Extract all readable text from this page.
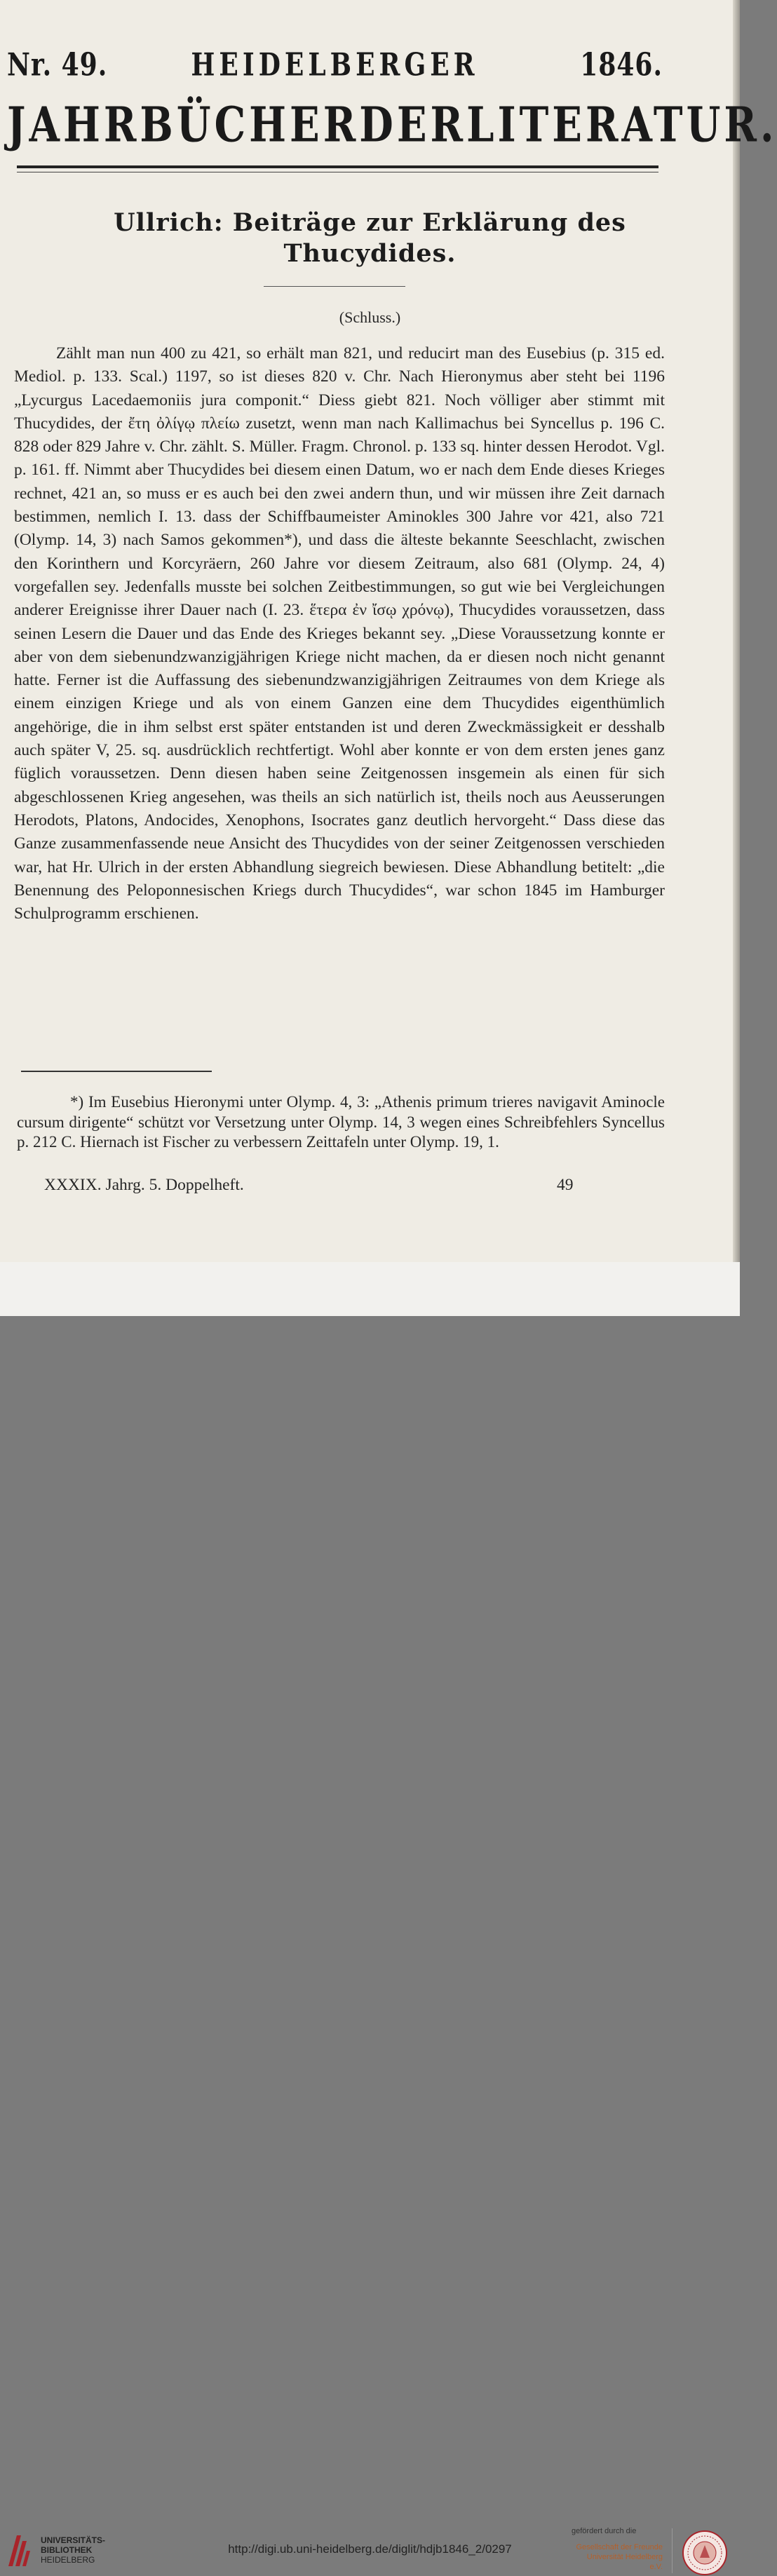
Nr. 49.	HEIDELBERGER	1846.
JAHRBÜCHER DER LITERATUR.
Ullrich: Beiträge zur Erklärung des Thucydides.
(Schluss.)

Zählt man nun 400 zu 421, so erhält man 821, und reducirt man des Eusebius (p. 315 ed. Mediol. p. 133. Scal.) 1197, so ist dieses 820 v. Chr. Nach Hieronymus aber steht bei 1196 „Lycurgus Lacedaemoniis jura componit.“ Diess giebt 821. Noch völliger aber stimmt mit Thucydides, der ἔτη ὀλίγῳ πλείω zusetzt, wenn man nach Kallimachus bei Syncellus p. 196 C. 828 oder 829 Jahre v. Chr. zählt. S. Müller. Fragm. Chronol. p. 133 sq. hinter dessen Herodot. Vgl. p. 161. ff. Nimmt aber Thucydides bei diesem einen Datum, wo er nach dem Ende dieses Krieges rechnet, 421 an, so muss er es auch bei den zwei andern thun, und wir müssen ihre Zeit darnach bestimmen, nemlich I. 13. dass der Schiffbaumeister Aminokles 300 Jahre vor 421, also 721 (Olymp. 14, 3) nach Samos gekommen*), und dass die älteste bekannte Seeschlacht, zwischen den Korinthern und Korcyräern, 260 Jahre vor diesem Zeitraum, also 681 (Olymp. 24, 4) vorgefallen sey. Jedenfalls musste bei solchen Zeitbestimmungen, so gut wie bei Vergleichungen anderer Ereignisse ihrer Dauer nach (I. 23. ἕτερα ἐν ἴσῳ χρόνῳ), Thucydides voraussetzen, dass seinen Lesern die Dauer und das Ende des Krieges bekannt sey. „Diese Voraussetzung konnte er aber von dem siebenundzwanzigjährigen Kriege nicht machen, da er diesen noch nicht genannt hatte. Ferner ist die Auffassung des siebenundzwanzigjährigen Zeitraumes von dem Kriege als einem einzigen Kriege und als von einem Ganzen eine dem Thucydides eigenthümlich angehörige, die in ihm selbst erst später entstanden ist und deren Zweckmässigkeit er desshalb auch später V, 25. sq. ausdrücklich rechtfertigt. Wohl aber konnte er von dem ersten jenes ganz füglich voraussetzen. Denn diesen haben seine Zeitgenossen insgemein als einen für sich abgeschlossenen Krieg angesehen, was theils an sich natürlich ist, theils noch aus Aeusserungen Herodots, Platons, Andocides, Xenophons, Isocrates ganz deutlich hervorgeht.“ Dass diese das Ganze zusammenfassende neue Ansicht des Thucydides von der seiner Zeitgenossen verschieden war, hat Hr. Ulrich in der ersten Abhandlung siegreich bewiesen. Diese Abhandlung betitelt: „die Benennung des Peloponnesischen Kriegs durch Thucydides“, war schon 1845 im Hamburger Schulprogramm erschienen.

*) Im Eusebius Hieronymi unter Olymp. 4, 3: „Athenis primum trieres navigavit Aminocle cursum dirigente“ schützt vor Versetzung unter Olymp. 14, 3 wegen eines Schreibfehlers Syncellus p. 212 C. Hiernach ist Fischer zu verbessern Zeittafeln unter Olymp. 19, 1.

XXXIX. Jahrg. 5. Doppelheft.	49
UNIVERSITÄTS-
BIBLIOTHEK
HEIDELBERG
http://digi.ub.uni-heidelberg.de/diglit/hdjb1846_2/0297
gefördert durch die
Gesellschaft der Freunde
Universität Heidelberg e.V.
